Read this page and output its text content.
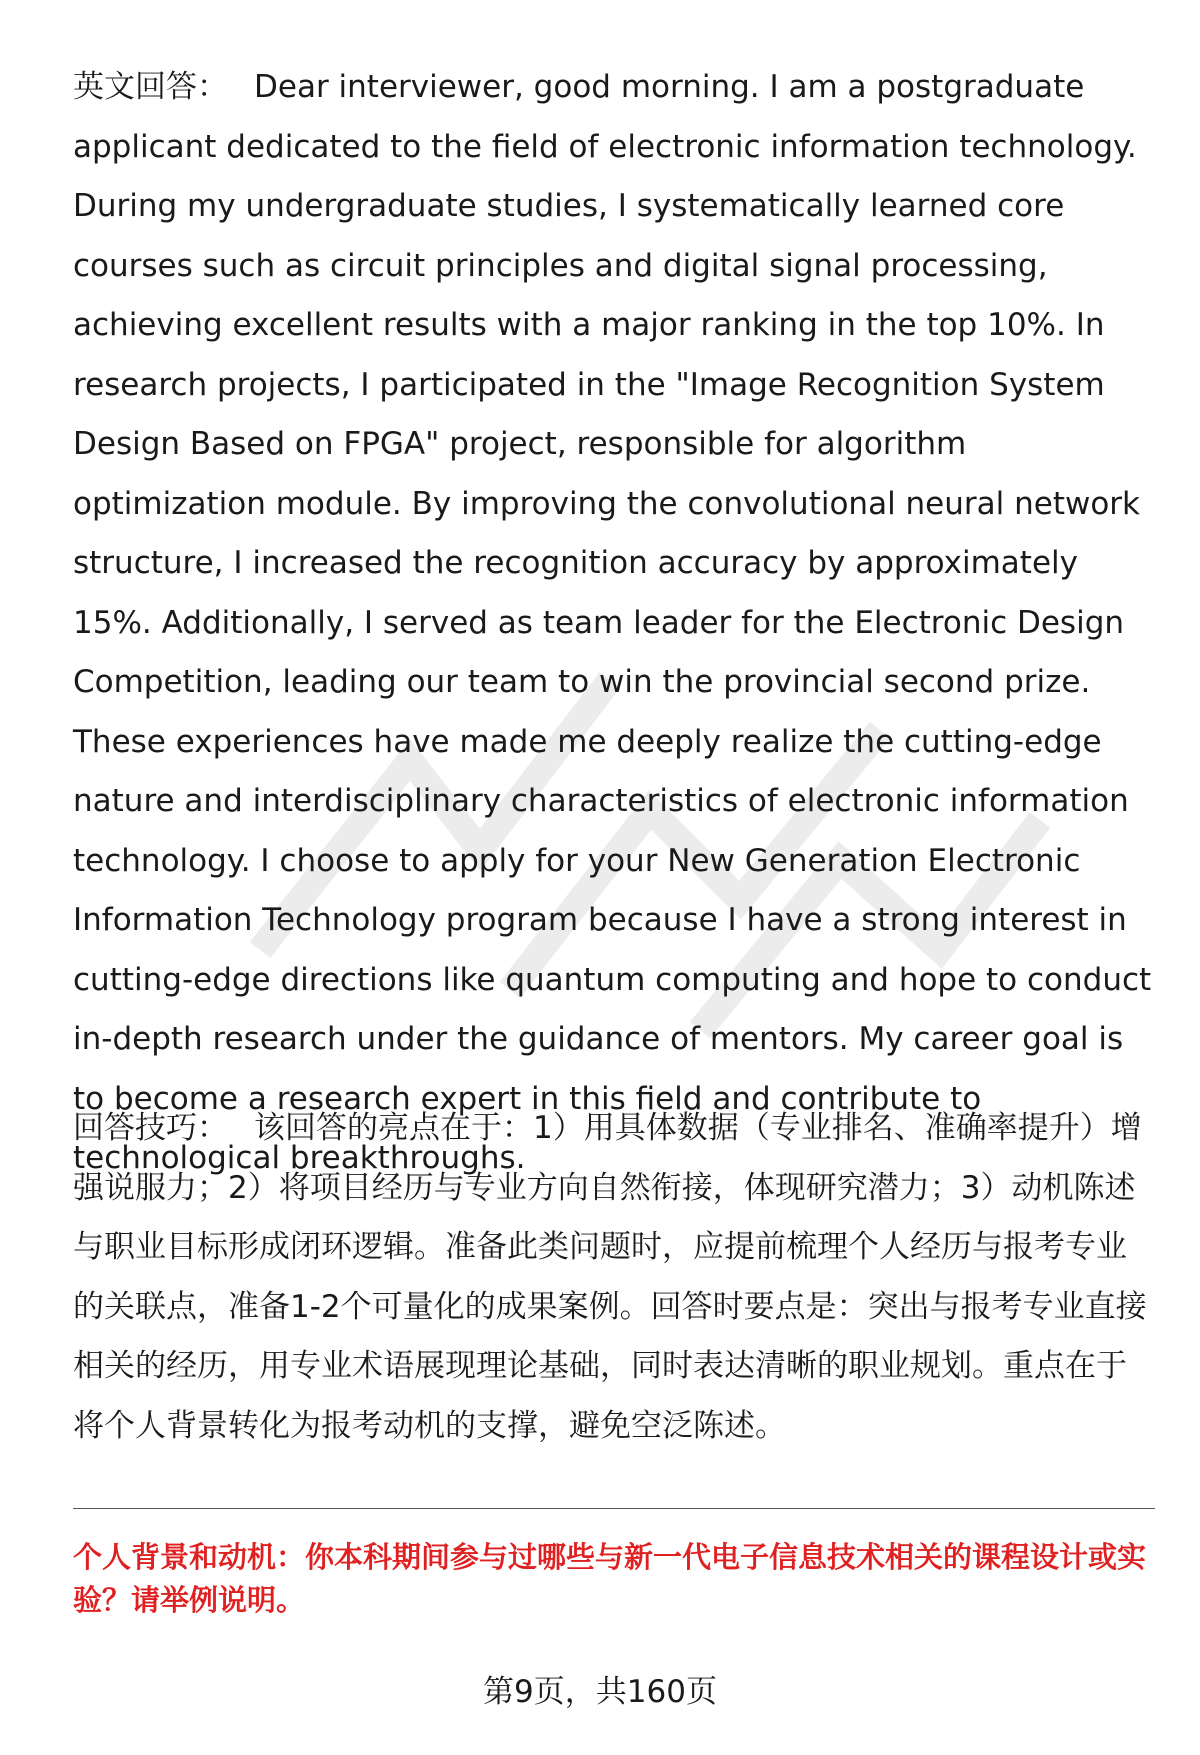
英文回答： Dear interviewer, good morning. I am a postgraduate applicant dedicated to the field of electronic information technology. During my undergraduate studies, I systematically learned core courses such as circuit principles and digital signal processing, achieving excellent results with a major ranking in the top 10%. In research projects, I participated in the "Image Recognition System Design Based on FPGA" project, responsible for algorithm optimization module. By improving the convolutional neural network structure, I increased the recognition accuracy by approximately 15%. Additionally, I served as team leader for the Electronic Design Competition, leading our team to win the provincial second prize. These experiences have made me deeply realize the cutting-edge nature and interdisciplinary characteristics of electronic information technology. I choose to apply for your New Generation Electronic Information Technology program because I have a strong interest in cutting-edge directions like quantum computing and hope to conduct in-depth research under the guidance of mentors. My career goal is to become a research expert in this field and contribute to technological breakthroughs.
回答技巧： 该回答的亮点在于：1）用具体数据（专业排名、准确率提升）增强说服力；2）将项目经历与专业方向自然衔接，体现研究潜力；3）动机陈述与职业目标形成闭环逻辑。准备此类问题时，应提前梳理个人经历与报考专业的关联点，准备1-2个可量化的成果案例。回答时要点是：突出与报考专业直接相关的经历，用专业术语展现理论基础，同时表达清晰的职业规划。重点在于将个人背景转化为报考动机的支撑，避免空泛陈述。
个人背景和动机：你本科期间参与过哪些与新一代电子信息技术相关的课程设计或实验？请举例说明。
第9页，共160页
